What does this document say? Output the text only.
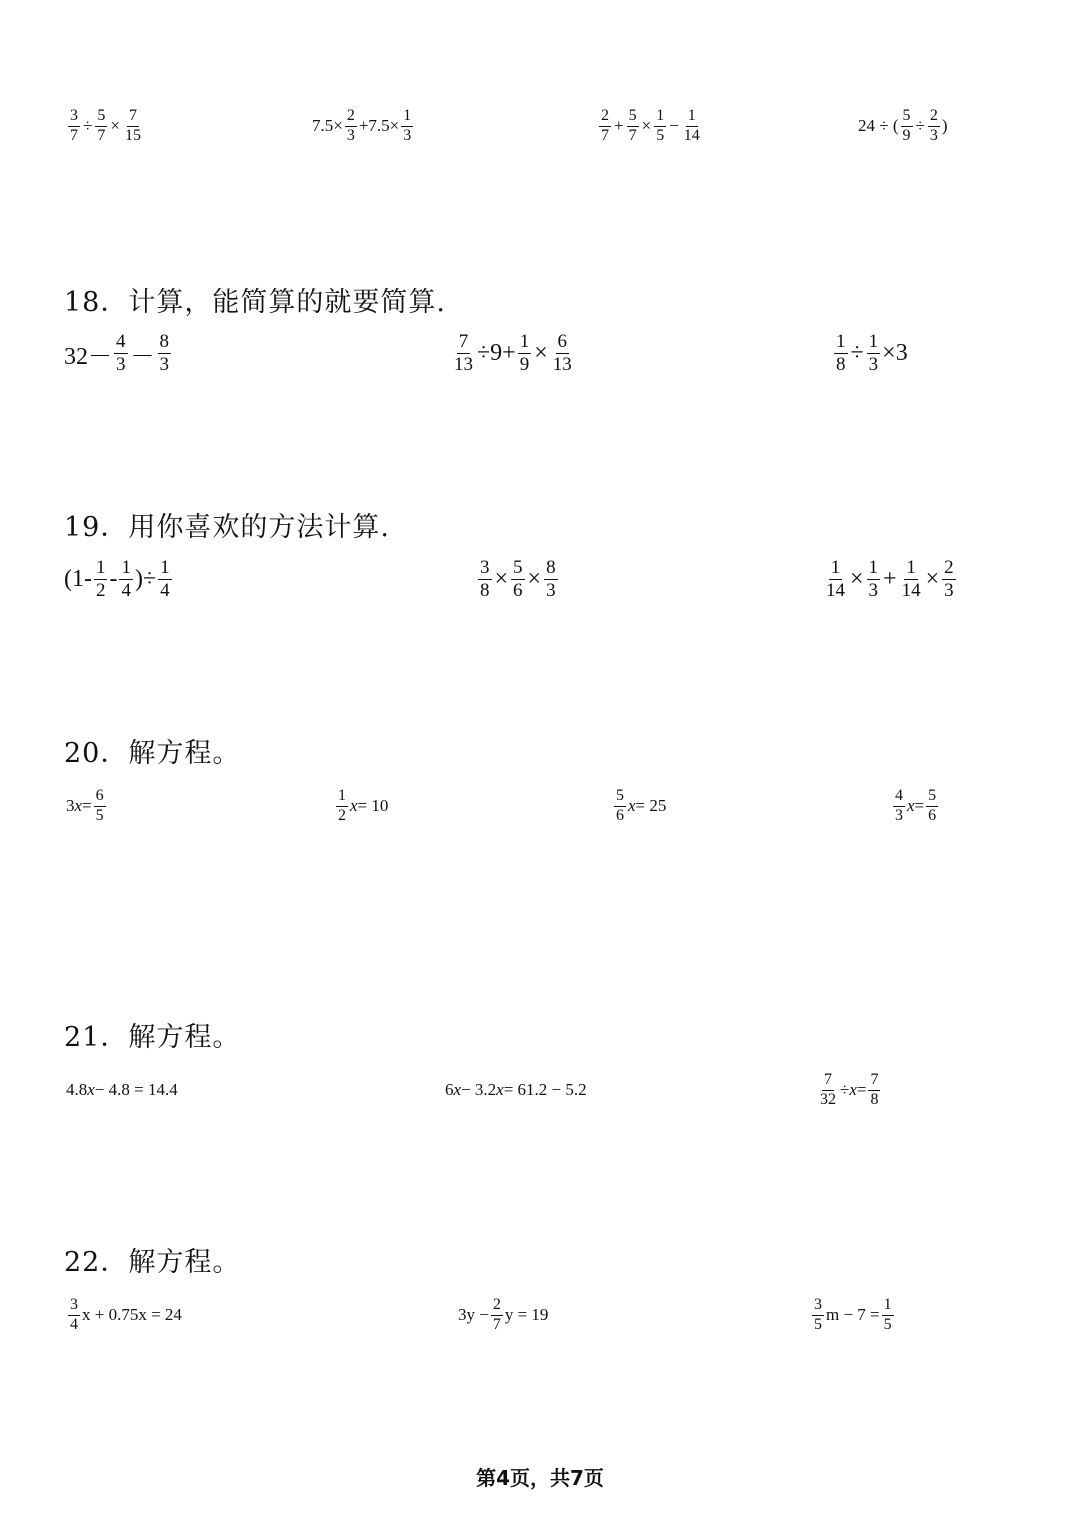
$\frac{3}{7} \div \frac{5}{7} \times \frac{7}{15}$	$7.5\times \frac{2}{3} +7.5\times \frac{1}{3}$	$\frac{2}{7} + \frac{5}{7} \times \frac{1}{5} - \frac{1}{14}$	24 ÷ ( $\frac{5}{9} \div \frac{2}{3}$ )
18．计算，能简算的就要简算.
$32- \frac{4}{3} - \frac{8}{3}$	$\frac{7}{13} \div 9+ \frac{1}{9} \times \frac{6}{13}$	$\frac{1}{8} \div \frac{1}{3} \times 3$
19．用你喜欢的方法计算.
($1- \frac{1}{2} - \frac{1}{4}$ )÷ $\frac{1}{4}$	$\frac{3}{8} \times \frac{5}{6} \times \frac{8}{3}$	$\frac{1}{14} \times \frac{1}{3} + \frac{1}{14} \times \frac{2}{3}$
20．解方程。
3 $x = \frac{6}{5}$	$\frac{1}{2}$ x = 10	$\frac{5}{6}$ x = 25	$\frac{4}{3}$ $x = \frac{5}{6}$
21．解方程。
4.8 x − 4.8 = 14.4	6 x − 3.2 x = 61.2 − 5.2	$\frac{7}{32} \div x = \frac{7}{8}$
22．解方程。
$\frac{3}{4}$ x + 0.75x = 24	$3y - \frac{2}{7}$ y = 19	$\frac{3}{5}$ $m - 7 = \frac{1}{5}$
第4页，共7页
